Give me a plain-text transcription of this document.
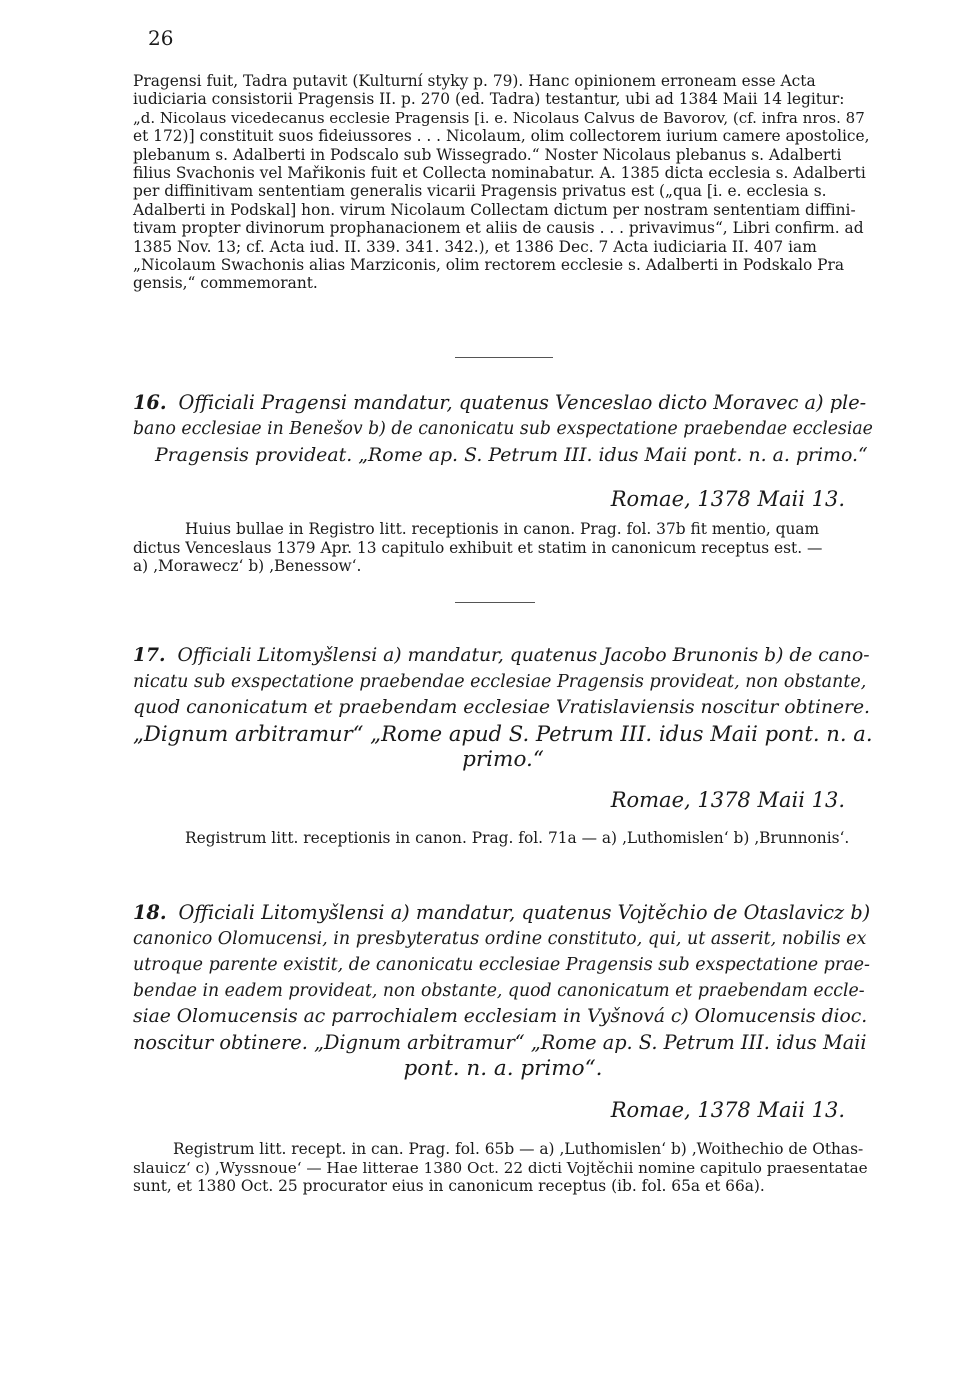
26
Pragensi fuit, Tadra putavit (Kulturní styky p. 79). Hanc opinionem erroneam esse Acta
iudiciaria consistorii Pragensis II. p. 270 (ed. Tadra) testantur, ubi ad 1384 Maii 14 legitur:
„d. Nicolaus vicedecanus ecclesie Pragensis [i. e. Nicolaus Calvus de Bavorov, (cf. infra nros. 87
et 172)] constituit suos fideiussores . . . Nicolaum, olim collectorem iurium camere apostolice,
plebanum s. Adalberti in Podscalo sub Wissegrado.“ Noster Nicolaus plebanus s. Adalberti
filius Svachonis vel Mařikonis fuit et Collecta nominabatur. A. 1385 dicta ecclesia s. Adalberti
per diffinitivam sententiam generalis vicarii Pragensis privatus est („qua [i. e. ecclesia s.
Adalberti in Podskal] hon. virum Nicolaum Collectam dictum per nostram sententiam diffini-
tivam propter divinorum prophanacionem et aliis de causis . . . privavimus“, Libri confirm. ad
1385 Nov. 13; cf. Acta iud. II. 339. 341. 342.), et 1386 Dec. 7 Acta iudiciaria II. 407 iam
„Nicolaum Swachonis alias Marziconis, olim rectorem ecclesie s. Adalberti in Podskalo Pra
gensis,“ commemorant.
16. Officiali Pragensi mandatur, quatenus Venceslao dicto Moravec a) ple-
bano ecclesiae in Benešov b) de canonicatu sub exspectatione praebendae ecclesiae
Pragensis provideat. „Rome ap. S. Petrum III. idus Maii pont. n. a. primo.“
Romae, 1378 Maii 13.
Huius bullae in Registro litt. receptionis in canon. Prag. fol. 37b fit mentio, quam
dictus Venceslaus 1379 Apr. 13 capitulo exhibuit et statim in canonicum receptus est. —
a) ‚Morawecz‘ b) ‚Benessow‘.
17. Officiali Litomyšlensi a) mandatur, quatenus Jacobo Brunonis b) de cano-
nicatu sub exspectatione praebendae ecclesiae Pragensis provideat, non obstante,
quod canonicatum et praebendam ecclesiae Vratislaviensis noscitur obtinere.
„Dignum arbitramur“ „Rome apud S. Petrum III. idus Maii pont. n. a.
primo.“
Romae, 1378 Maii 13.
Registrum litt. receptionis in canon. Prag. fol. 71a — a) ‚Luthomislen‘ b) ‚Brunnonis‘.
18. Officiali Litomyšlensi a) mandatur, quatenus Vojtěchio de Otaslavicz b)
canonico Olomucensi, in presbyteratus ordine constituto, qui, ut asserit, nobilis ex
utroque parente existit, de canonicatu ecclesiae Pragensis sub exspectatione prae-
bendae in eadem provideat, non obstante, quod canonicatum et praebendam eccle-
siae Olomucensis ac parrochialem ecclesiam in Vyšnová c) Olomucensis dioc.
noscitur obtinere. „Dignum arbitramur“ „Rome ap. S. Petrum III. idus Maii
pont. n. a. primo“.
Romae, 1378 Maii 13.
Registrum litt. recept. in can. Prag. fol. 65b — a) ‚Luthomislen‘ b) ‚Woithechio de Othas-
slauicz‘ c) ‚Wyssnoue‘ — Hae litterae 1380 Oct. 22 dicti Vojtěchii nomine capitulo praesentatae
sunt, et 1380 Oct. 25 procurator eius in canonicum receptus (ib. fol. 65a et 66a).
